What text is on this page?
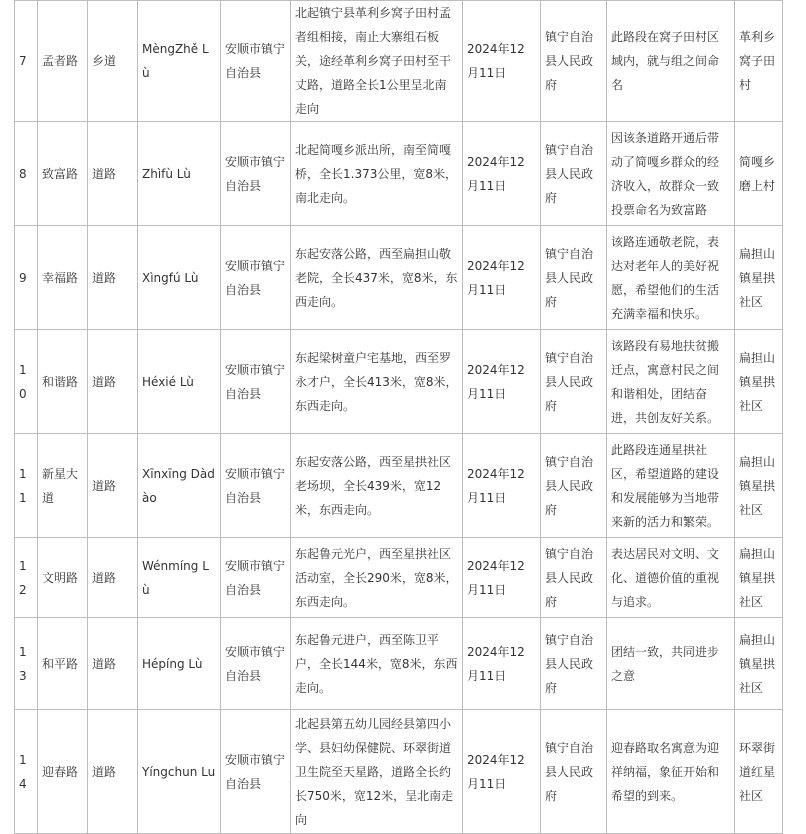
7	孟者路	乡道	MèngZhě Lù	安顺市镇宁自治县	北起镇宁县革利乡窝子田村孟者组相接，南止大寨组石板关，途经革利乡窝子田村至干丈路，道路全长1公里呈北南走向	2024年12月11日	镇宁自治县人民政府	此路段在窝子田村区域内，就与组之间命名	革利乡窝子田村

8	致富路	道路	Zhìfù Lù	安顺市镇宁自治县	北起简嘎乡派出所，南至简嘎桥，全长1.373公里，宽8米，南北走向。	2024年12月11日	镇宁自治县人民政府	因该条道路开通后带动了简嘎乡群众的经济收入，故群众一致投票命名为致富路	简嘎乡磨上村

9	幸福路	道路	Xìngfú Lù	安顺市镇宁自治县	东起安落公路，西至扁担山敬老院，全长437米，宽8米，东西走向。	2024年12月11日	镇宁自治县人民政府	该路连通敬老院，表达对老年人的美好祝愿，希望他们的生活充满幸福和快乐。	扁担山镇星拱社区

10	和谐路	道路	Héxié Lù	安顺市镇宁自治县	东起梁树童户宅基地，西至罗永才户，全长413米，宽8米，东西走向。	2024年12月11日	镇宁自治县人民政府	该路段有易地扶贫搬迁点，寓意村民之间和谐相处，团结奋进，共创友好关系。	扁担山镇星拱社区

11	新星大道	道路	Xīnxīng Dàdào	安顺市镇宁自治县	东起安落公路，西至星拱社区老场坝，全长439米，宽12米，东西走向。	2024年12月11日	镇宁自治县人民政府	此路段连通星拱社区，希望道路的建设和发展能够为当地带来新的活力和繁荣。	扁担山镇星拱社区

12	文明路	道路	Wénmíng Lù	安顺市镇宁自治县	东起鲁元光户，西至星拱社区活动室，全长290米，宽8米，东西走向。	2024年12月11日	镇宁自治县人民政府	表达居民对文明、文化、道德价值的重视与追求。	扁担山镇星拱社区

13	和平路	道路	Hépíng Lù	安顺市镇宁自治县	东起鲁元进户，西至陈卫平户，全长144米，宽8米，东西走向。	2024年12月11日	镇宁自治县人民政府	团结一致，共同进步之意	扁担山镇星拱社区

14	迎春路	道路	Yíngchun Lu	安顺市镇宁自治县	北起县第五幼儿园经县第四小学、县妇幼保健院、环翠街道卫生院至天星路，道路全长约长750米，宽12米，呈北南走向	2024年12月11日	镇宁自治县人民政府	迎春路取名寓意为迎祥纳福，象征开始和希望的到来。	环翠街道红星社区
